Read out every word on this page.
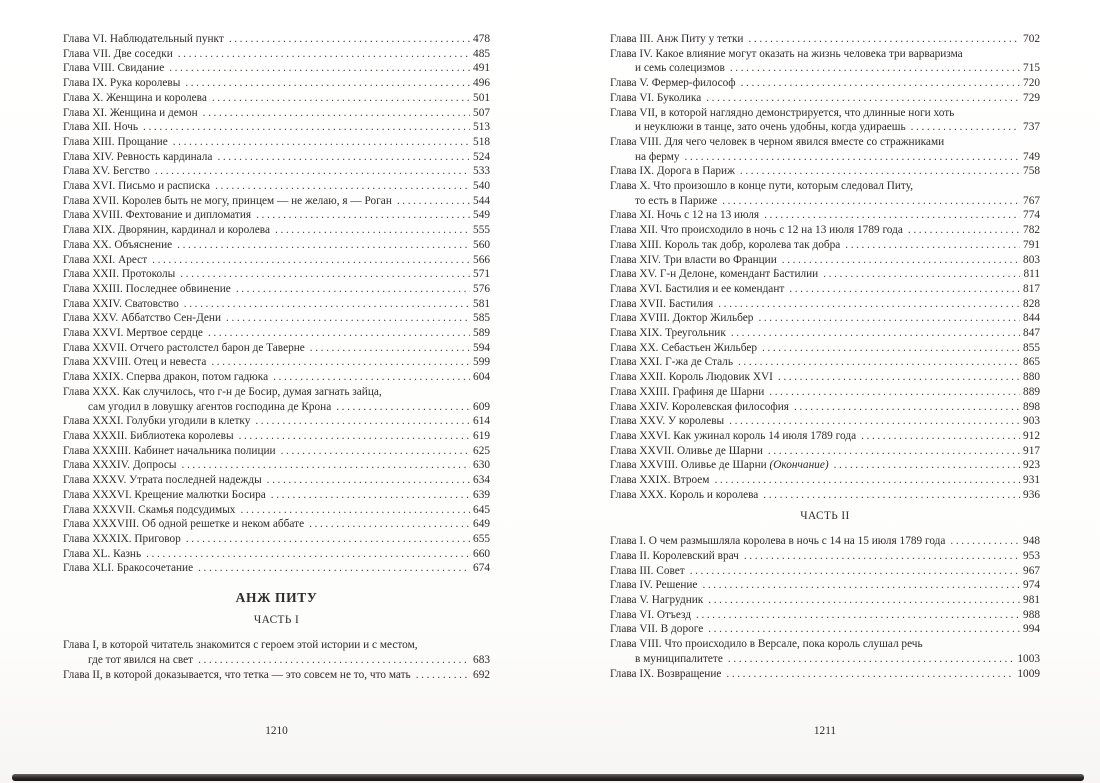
Глава VI. Наблюдательный пункт .....	478
Глава VII. Две соседки .....	485
Глава VIII. Свидание .....	491
Глава IX. Рука королевы .....	496
Глава X. Женщина и королева .....	501
Глава XI. Женщина и демон .....	507
Глава XII. Ночь .....	513
Глава XIII. Прощание .....	518
Глава XIV. Ревность кардинала .....	524
Глава XV. Бегство .....	533
Глава XVI. Письмо и расписка .....	540
Глава XVII. Королев быть не могу, принцем — не желаю, я — Роган .....	544
Глава XVIII. Фехтование и дипломатия .....	549
Глава XIX. Дворянин, кардинал и королева .....	555
Глава XX. Объяснение .....	560
Глава XXI. Арест .....	566
Глава XXII. Протоколы .....	571
Глава XXIII. Последнее обвинение .....	576
Глава XXIV. Сватовство .....	581
Глава XXV. Аббатство Сен-Дени .....	585
Глава XXVI. Мертвое сердце .....	589
Глава XXVII. Отчего растолстел барон де Таверне .....	594
Глава XXVIII. Отец и невеста .....	599
Глава XXIX. Сперва дракон, потом гадюка .....	604
Глава XXX. Как случилось, что г-н де Босир, думая загнать зайца,
сам угодил в ловушку агентов господина де Крона .....	609
Глава XXXI. Голубки угодили в клетку .....	614
Глава XXXII. Библиотека королевы .....	619
Глава XXXIII. Кабинет начальника полиции .....	625
Глава XXXIV. Допросы .....	630
Глава XXXV. Утрата последней надежды .....	634
Глава XXXVI. Крещение малютки Босира .....	639
Глава XXXVII. Скамья подсудимых .....	645
Глава XXXVIII. Об одной решетке и неком аббате .....	649
Глава XXXIX. Приговор .....	655
Глава XL. Казнь .....	660
Глава XLI. Бракосочетание .....	674
АНЖ ПИТУ
ЧАСТЬ I
Глава I, в которой читатель знакомится с героем этой истории и с местом,
где тот явился на свет .....	683
Глава II, в которой доказывается, что тетка — это совсем не то, что мать .....	692
1210
Глава III. Анж Питу у тетки .....	702
Глава IV. Какое влияние могут оказать на жизнь человека три варваризма
и семь солецизмов .....	715
Глава V. Фермер-философ .....	720
Глава VI. Буколика .....	729
Глава VII, в которой наглядно демонстрируется, что длинные ноги хоть
и неуклюжи в танце, зато очень удобны, когда удираешь .....	737
Глава VIII. Для чего человек в черном явился вместе со стражниками
на ферму .....	749
Глава IX. Дорога в Париж .....	758
Глава X. Что произошло в конце пути, которым следовал Питу,
то есть в Париже .....	767
Глава XI. Ночь с 12 на 13 июля .....	774
Глава XII. Что происходило в ночь с 12 на 13 июля 1789 года .....	782
Глава XIII. Король так добр, королева так добра .....	791
Глава XIV. Три власти во Франции .....	803
Глава XV. Г-н Делоне, комендант Бастилии .....	811
Глава XVI. Бастилия и ее комендант .....	817
Глава XVII. Бастилия .....	828
Глава XVIII. Доктор Жильбер .....	844
Глава XIX. Треугольник .....	847
Глава XX. Себастьен Жильбер .....	855
Глава XXI. Г-жа де Сталь .....	865
Глава XXII. Король Людовик XVI .....	880
Глава XXIII. Графиня де Шарни .....	889
Глава XXIV. Королевская философия .....	898
Глава XXV. У королевы .....	903
Глава XXVI. Как ужинал король 14 июля 1789 года .....	912
Глава XXVII. Оливье де Шарни .....	917
Глава XXVIII. Оливье де Шарни (Окончание) .....	923
Глава XXIX. Втроем .....	931
Глава XXX. Король и королева .....	936
ЧАСТЬ II
Глава I. О чем размышляла королева в ночь с 14 на 15 июля 1789 года .....	948
Глава II. Королевский врач .....	953
Глава III. Совет .....	967
Глава IV. Решение .....	974
Глава V. Нагрудник .....	981
Глава VI. Отъезд .....	988
Глава VII. В дороге .....	994
Глава VIII. Что происходило в Версале, пока король слушал речь
в муниципалитете .....	1003
Глава IX. Возвращение .....	1009
1211
